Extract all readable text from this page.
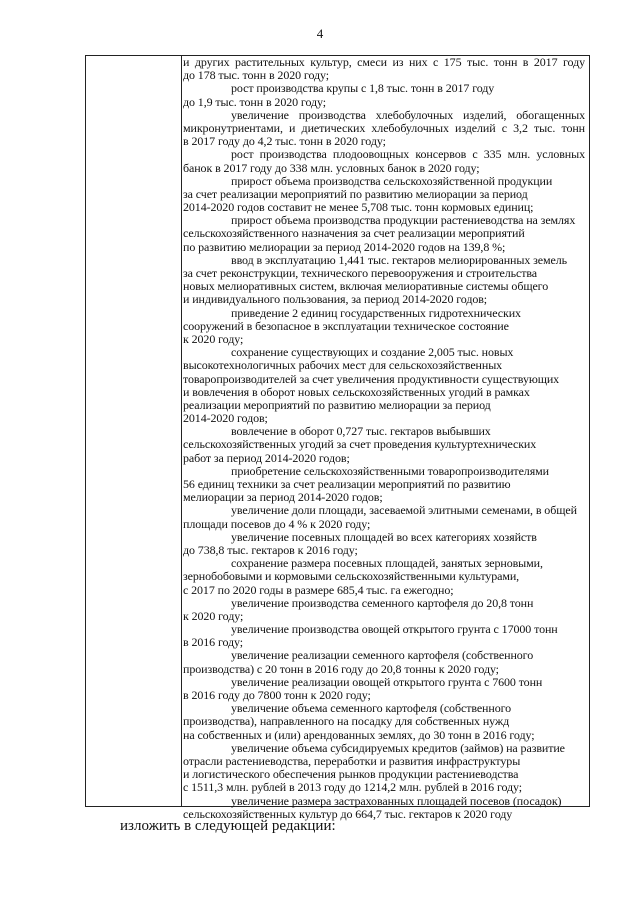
4
и других растительных культур, смеси из них с 175 тыс. тонн в 2017 году
до 178 тыс. тонн в 2020 году;
рост производства крупы с 1,8 тыс. тонн в 2017 году
до 1,9 тыс. тонн в 2020 году;
увеличение производства хлебобулочных изделий, обогащенных
микронутриентами, и диетических хлебобулочных изделий с 3,2 тыс. тонн
в 2017 году до 4,2 тыс. тонн в 2020 году;
рост производства плодоовощных консервов с 335 млн. условных
банок в 2017 году до 338 млн. условных банок в 2020 году;
прирост объема производства сельскохозяйственной продукции
за счет реализации мероприятий по развитию мелиорации за период
2014-2020 годов составит не менее 5,708 тыс. тонн кормовых единиц;
прирост объема производства продукции растениеводства на землях
сельскохозяйственного назначения за счет реализации мероприятий
по развитию мелиорации за период 2014-2020 годов на 139,8 %;
ввод в эксплуатацию 1,441 тыс. гектаров мелиорированных земель
за счет реконструкции, технического перевооружения и строительства
новых мелиоративных систем, включая мелиоративные системы общего
и индивидуального пользования, за период 2014-2020 годов;
приведение 2 единиц государственных гидротехнических
сооружений в безопасное в эксплуатации техническое состояние
к 2020 году;
сохранение существующих и создание 2,005 тыс. новых
высокотехнологичных рабочих мест для сельскохозяйственных
товаропроизводителей за счет увеличения продуктивности существующих
и вовлечения в оборот новых сельскохозяйственных угодий в рамках
реализации мероприятий по развитию мелиорации за период
2014-2020 годов;
вовлечение в оборот 0,727 тыс. гектаров выбывших
сельскохозяйственных угодий за счет проведения культуртехнических
работ за период 2014-2020 годов;
приобретение сельскохозяйственными товаропроизводителями
56 единиц техники за счет реализации мероприятий по развитию
мелиорации за период 2014-2020 годов;
увеличение доли площади, засеваемой элитными семенами, в общей
площади посевов до 4 % к 2020 году;
увеличение посевных площадей во всех категориях хозяйств
до 738,8 тыс. гектаров к 2016 году;
сохранение размера посевных площадей, занятых зерновыми,
зернобобовыми и кормовыми сельскохозяйственными культурами,
с 2017 по 2020 годы в размере 685,4 тыс. га ежегодно;
увеличение производства семенного картофеля до 20,8 тонн
к 2020 году;
увеличение производства овощей открытого грунта с 17000 тонн
в 2016 году;
увеличение реализации семенного картофеля (собственного
производства) с 20 тонн в 2016 году до 20,8 тонны к 2020 году;
увеличение реализации овощей открытого грунта с 7600 тонн
в 2016 году до 7800 тонн к 2020 году;
увеличение объема семенного картофеля (собственного
производства), направленного на посадку для собственных нужд
на собственных и (или) арендованных землях, до 30 тонн в 2016 году;
увеличение объема субсидируемых кредитов (займов) на развитие
отрасли растениеводства, переработки и развития инфраструктуры
и логистического обеспечения рынков продукции растениеводства
с 1511,3 млн. рублей в 2013 году до 1214,2 млн. рублей в 2016 году;
увеличение размера застрахованных площадей посевов (посадок)
сельскохозяйственных культур до 664,7 тыс. гектаров к 2020 году
изложить в следующей редакции:
